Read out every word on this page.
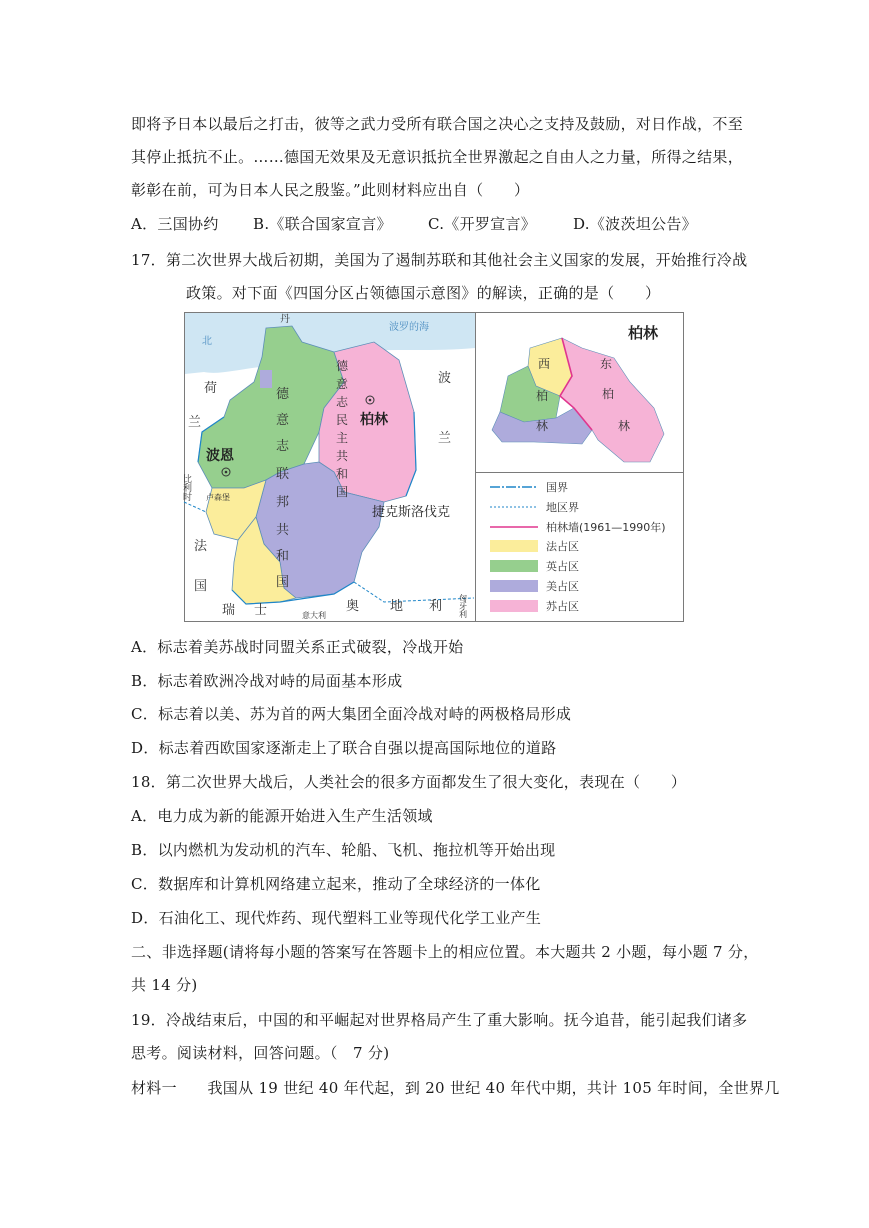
即将予日本以最后之打击，彼等之武力受所有联合国之决心之支持及鼓励，对日作战，不至
其停止抵抗不止。……德国无效果及无意识抵抗全世界激起之自由人之力量，所得之结果，
彰彰在前，可为日本人民之殷鉴。”此则材料应出自（　　）
A．三国协约 B.《联合国家宣言》 C.《开罗宣言》 D.《波茨坦公告》
17．第二次世界大战后初期，美国为了遏制苏联和其他社会主义国家的发展，开始推行冷战
政策。对下面《四国分区占领德国示意图》的解读，正确的是（　　）
波罗的海
北
丹
荷
兰
比利时
波恩
卢森堡
法
国
瑞 士	意大利
奥 地 利 匈牙利
捷克斯洛伐克
波
兰
德
意
志
联
邦
共
和
国
德
意
志
民
主
共
和
国
柏林
柏林
西
柏
林
东
柏
林
国界
地区界
柏林墙(1961—1990年)
法占区
英占区
美占区
苏占区
A．标志着美苏战时同盟关系正式破裂，冷战开始
B．标志着欧洲冷战对峙的局面基本形成
C．标志着以美、苏为首的两大集团全面冷战对峙的两极格局形成
D．标志着西欧国家逐渐走上了联合自强以提高国际地位的道路
18．第二次世界大战后，人类社会的很多方面都发生了很大变化，表现在（　　）
A．电力成为新的能源开始进入生产生活领域
B．以内燃机为发动机的汽车、轮船、飞机、拖拉机等开始出现
C．数据库和计算机网络建立起来，推动了全球经济的一体化
D．石油化工、现代炸药、现代塑料工业等现代化学工业产生
二、非选择题(请将每小题的答案写在答题卡上的相应位置。本大题共 2 小题，每小题 7 分，
共 14 分)
19．冷战结束后，中国的和平崛起对世界格局产生了重大影响。抚今追昔，能引起我们诸多
思考。阅读材料，回答问题。（　7 分)
材料一　　我国从 19 世纪 40 年代起，到 20 世纪 40 年代中期，共计 105 年时间，全世界几
